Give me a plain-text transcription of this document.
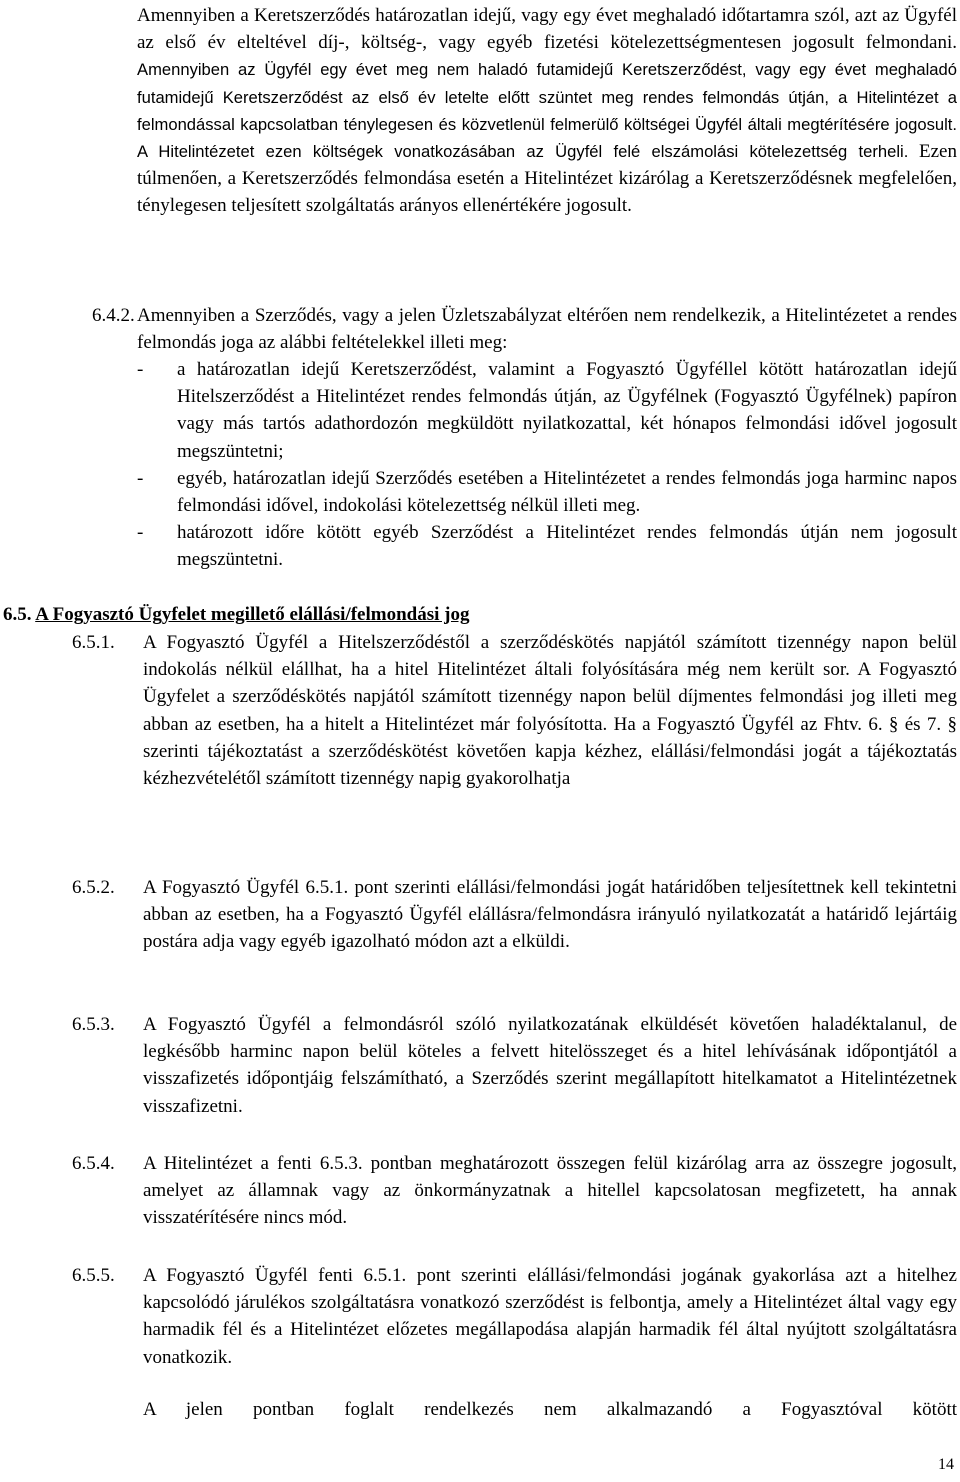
Amennyiben a Keretszerződés határozatlan idejű, vagy egy évet meghaladó időtartamra szól, azt az Ügyfél az első év elteltével díj-, költség-, vagy egyéb fizetési kötelezettségmentesen jogosult felmondani. Amennyiben az Ügyfél egy évet meg nem haladó futamidejű Keretszerződést, vagy egy évet meghaladó futamidejű Keretszerződést az első év letelte előtt szüntet meg rendes felmondás útján, a Hitelintézet a felmondással kapcsolatban ténylegesen és közvetlenül felmerülő költségei Ügyfél általi megtérítésére jogosult. A Hitelintézetet ezen költségek vonatkozásában az Ügyfél felé elszámolási kötelezettség terheli. Ezen túlmenően, a Keretszerződés felmondása esetén a Hitelintézet kizárólag a Keretszerződésnek megfelelően, ténylegesen teljesített szolgáltatás arányos ellenértékére jogosult.
6.4.2. Amennyiben a Szerződés, vagy a jelen Üzletszabályzat eltérően nem rendelkezik, a Hitelintézetet a rendes felmondás joga az alábbi feltételekkel illeti meg:
- a határozatlan idejű Keretszerződést, valamint a Fogyasztó Ügyféllel kötött határozatlan idejű Hitelszerződést a Hitelintézet rendes felmondás útján, az Ügyfélnek (Fogyasztó Ügyfélnek) papíron vagy más tartós adathordozón megküldött nyilatkozattal, két hónapos felmondási idővel jogosult megszüntetni;
- egyéb, határozatlan idejű Szerződés esetében a Hitelintézetet a rendes felmondás joga harminc napos felmondási idővel, indokolási kötelezettség nélkül illeti meg.
- határozott időre kötött egyéb Szerződést a Hitelintézet rendes felmondás útján nem jogosult megszüntetni.
6.5. A Fogyasztó Ügyfelet megillető elállási/felmondási jog
6.5.1. A Fogyasztó Ügyfél a Hitelszerződéstől a szerződéskötés napjától számított tizennégy napon belül indokolás nélkül elállhat, ha a hitel Hitelintézet általi folyósítására még nem került sor. A Fogyasztó Ügyfelet a szerződéskötés napjától számított tizennégy napon belül díjmentes felmondási jog illeti meg abban az esetben, ha a hitelt a Hitelintézet már folyósította. Ha a Fogyasztó Ügyfél az Fhtv. 6. § és 7. § szerinti tájékoztatást a szerződéskötést követően kapja kézhez, elállási/felmondási jogát a tájékoztatás kézhezvételétől számított tizennégy napig gyakorolhatja
6.5.2. A Fogyasztó Ügyfél 6.5.1. pont szerinti elállási/felmondási jogát határidőben teljesítettnek kell tekintetni abban az esetben, ha a Fogyasztó Ügyfél elállásra/felmondásra irányuló nyilatkozatát a határidő lejártáig postára adja vagy egyéb igazolható módon azt a elküldi.
6.5.3. A Fogyasztó Ügyfél a felmondásról szóló nyilatkozatának elküldését követően haladéktalanul, de legkésőbb harminc napon belül köteles a felvett hitelösszeget és a hitel lehívásának időpontjától a visszafizetés időpontjáig felszámítható, a Szerződés szerint megállapított hitelkamatot a Hitelintézetnek visszafizetni.
6.5.4. A Hitelintézet a fenti 6.5.3. pontban meghatározott összegen felül kizárólag arra az összegre jogosult, amelyet az államnak vagy az önkormányzatnak a hitellel kapcsolatosan megfizetett, ha annak visszatérítésére nincs mód.
6.5.5. A Fogyasztó Ügyfél fenti 6.5.1. pont szerinti elállási/felmondási jogának gyakorlása azt a hitelhez kapcsolódó járulékos szolgáltatásra vonatkozó szerződést is felbontja, amely a Hitelintézet által vagy egy harmadik fél és a Hitelintézet előzetes megállapodása alapján harmadik fél által nyújtott szolgáltatásra vonatkozik.
A jelen pontban foglalt rendelkezés nem alkalmazandó a Fogyasztóval kötött
14
